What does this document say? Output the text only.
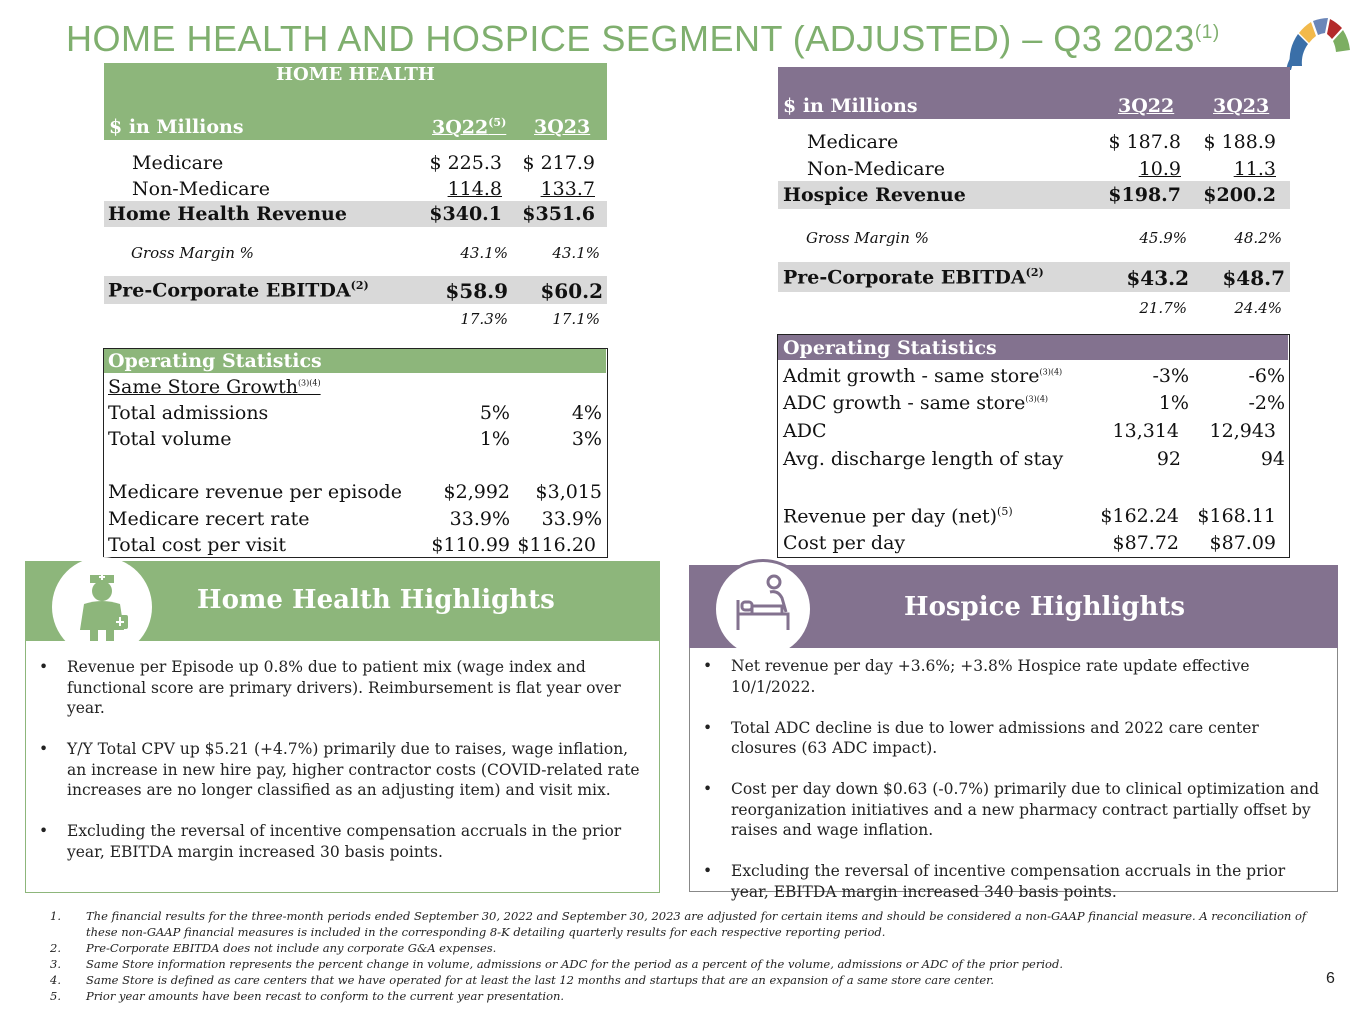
HOME HEALTH AND HOSPICE SEGMENT (ADJUSTED) – Q3 2023$^{(1)}$
HOME HEALTH
$ in Millions	3Q22$^{(5)}$ 3Q23
Medicare	$ 225.3	$ 217.9
Non-Medicare	114.8	133.7
Home Health Revenue	$340.1	$351.6
Gross Margin %	43.1%	43.1%
Pre-Corporate EBITDA$^{(2)}$	$58.9	$60.2
17.3%	17.1%
Operating Statistics
Same Store Growth$^{(3)(4)}$
Total admissions	5%	4%
Total volume	1%	3%
Medicare revenue per episode	$2,992	$3,015
Medicare recert rate	33.9%	33.9%
Total cost per visit	$110.99 $116.20
$ in Millions	3Q22 3Q23
Medicare	$ 187.8	$ 188.9
Non-Medicare	10.9	11.3
Hospice Revenue	$198.7	$200.2
Gross Margin %	45.9%	48.2%
Pre-Corporate EBITDA$^{(2)}$	$43.2	$48.7
21.7%	24.4%
Operating Statistics
Admit growth - same store$^{(3)(4)}$	-3%	-6%
ADC growth - same store$^{(3)(4)}$	1%	-2%
ADC	13,314	12,943
Avg. discharge length of stay	92	94
Revenue per day (net)$^{(5)}$	$162.24 $168.11
Cost per day	$87.72	$87.09
Home Health Highlights
• Revenue per Episode up 0.8% due to patient mix (wage index and functional score are primary drivers). Reimbursement is flat year over year.
• Y/Y Total CPV up $5.21 (+4.7%) primarily due to raises, wage inflation, an increase in new hire pay, higher contractor costs (COVID-related rate increases are no longer classified as an adjusting item) and visit mix.
• Excluding the reversal of incentive compensation accruals in the prior year, EBITDA margin increased 30 basis points.
Hospice Highlights
• Net revenue per day +3.6%; +3.8% Hospice rate update effective 10/1/2022.
• Total ADC decline is due to lower admissions and 2022 care center closures (63 ADC impact).
• Cost per day down $0.63 (-0.7%) primarily due to clinical optimization and reorganization initiatives and a new pharmacy contract partially offset by raises and wage inflation.
• Excluding the reversal of incentive compensation accruals in the prior year, EBITDA margin increased 340 basis points.
1.	The financial results for the three-month periods ended September 30, 2022 and September 30, 2023 are adjusted for certain items and should be considered a non-GAAP financial measure. A reconciliation of these non-GAAP financial measures is included in the corresponding 8-K detailing quarterly results for each respective reporting period.
2.	Pre-Corporate EBITDA does not include any corporate G&A expenses.
3.	Same Store information represents the percent change in volume, admissions or ADC for the period as a percent of the volume, admissions or ADC of the prior period.
4.	Same Store is defined as care centers that we have operated for at least the last 12 months and startups that are an expansion of a same store care center.
5.	Prior year amounts have been recast to conform to the current year presentation.
6
